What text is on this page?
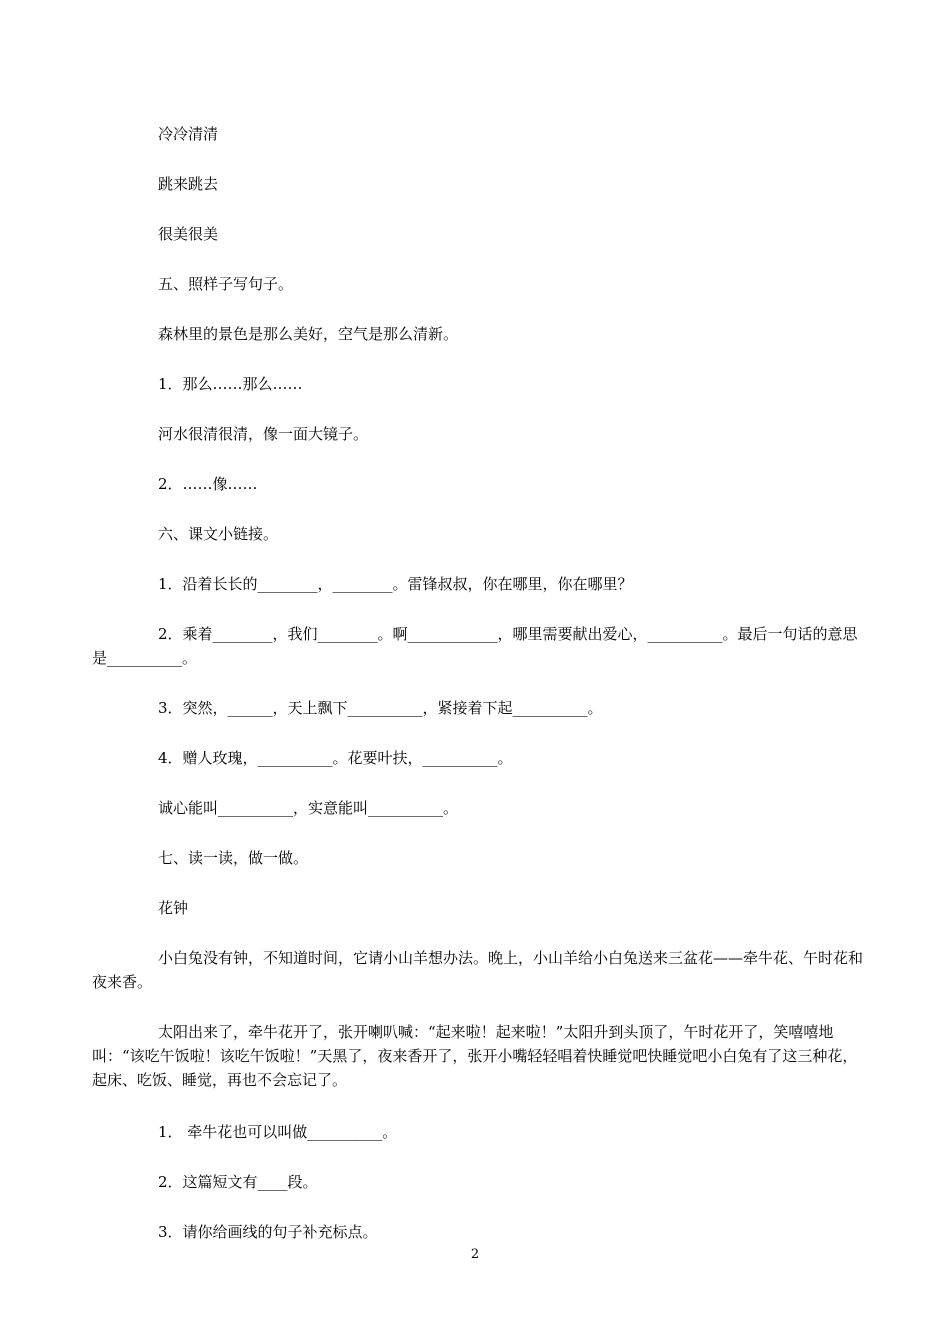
冷冷清清

跳来跳去

很美很美

五、照样子写句子。

森林里的景色是那么美好，空气是那么清新。

1．那么……那么……

河水很清很清，像一面大镜子。

2．……像……

六、课文小链接。

1．沿着长长的________，________。雷锋叔叔，你在哪里，你在哪里？

2．乘着________，我们________。啊____________，哪里需要献出爱心，__________。最后一句话的意思是__________。

3．突然，______，天上飘下__________，紧接着下起__________。

4．赠人玫瑰，__________。花要叶扶，__________。

诚心能叫__________，实意能叫__________。

七、读一读，做一做。

花钟

小白兔没有钟，不知道时间，它请小山羊想办法。晚上，小山羊给小白兔送来三盆花——牵牛花、午时花和夜来香。

太阳出来了，牵牛花开了，张开喇叭喊：“起来啦！起来啦！”太阳升到头顶了，午时花开了，笑嘻嘻地叫：“该吃午饭啦！该吃午饭啦！”天黑了，夜来香开了，张开小嘴轻轻唱着快睡觉吧快睡觉吧小白兔有了这三种花，起床、吃饭、睡觉，再也不会忘记了。

1． 牵牛花也可以叫做__________。

2．这篇短文有____段。

3．请你给画线的句子补充标点。

2
